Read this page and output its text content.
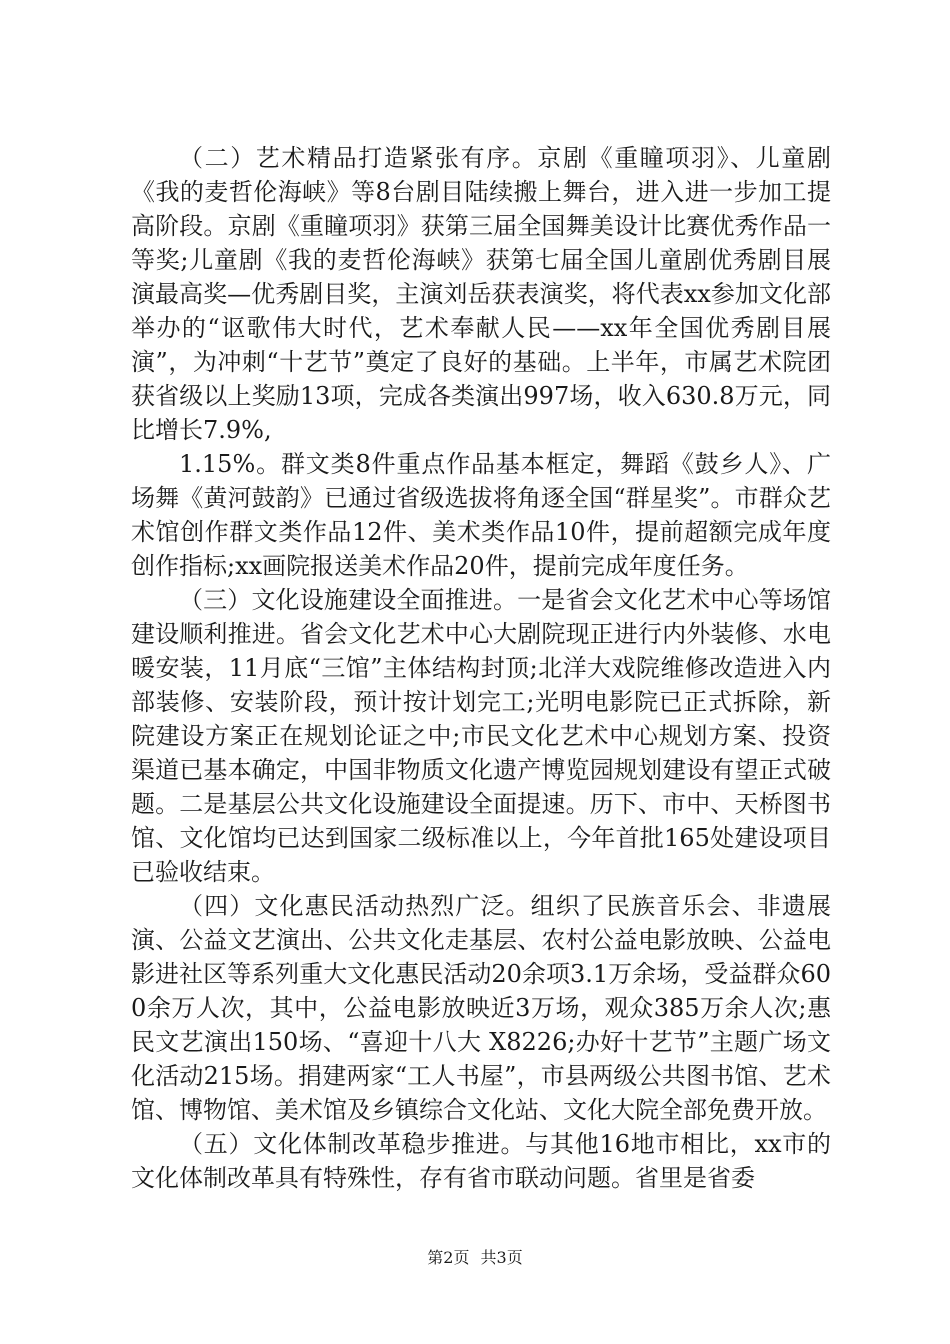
（二）艺术精品打造紧张有序。京剧《重瞳项羽》、儿童剧《我的麦哲伦海峡》等8台剧目陆续搬上舞台，进入进一步加工提高阶段。京剧《重瞳项羽》获第三届全国舞美设计比赛优秀作品一等奖;儿童剧《我的麦哲伦海峡》获第七届全国儿童剧优秀剧目展演最高奖—优秀剧目奖，主演刘岳获表演奖，将代表xx参加文化部举办的“讴歌伟大时代，艺术奉献人民——xx年全国优秀剧目展演”，为冲刺“十艺节”奠定了良好的基础。上半年，市属艺术院团获省级以上奖励13项，完成各类演出997场，收入630.8万元，同比增长7.9%,

1.15%。群文类8件重点作品基本框定，舞蹈《鼓乡人》、广场舞《黄河鼓韵》已通过省级选拔将角逐全国“群星奖”。市群众艺术馆创作群文类作品12件、美术类作品10件，提前超额完成年度创作指标;xx画院报送美术作品20件，提前完成年度任务。

（三）文化设施建设全面推进。一是省会文化艺术中心等场馆建设顺利推进。省会文化艺术中心大剧院现正进行内外装修、水电暖安装，11月底“三馆”主体结构封顶;北洋大戏院维修改造进入内部装修、安装阶段，预计按计划完工;光明电影院已正式拆除，新院建设方案正在规划论证之中;市民文化艺术中心规划方案、投资渠道已基本确定，中国非物质文化遗产博览园规划建设有望正式破题。二是基层公共文化设施建设全面提速。历下、市中、天桥图书馆、文化馆均已达到国家二级标准以上，今年首批165处建设项目已验收结束。

（四）文化惠民活动热烈广泛。组织了民族音乐会、非遗展演、公益文艺演出、公共文化走基层、农村公益电影放映、公益电影进社区等系列重大文化惠民活动20余项3.1万余场，受益群众600余万人次，其中，公益电影放映近3万场，观众385万余人次;惠民文艺演出150场、“喜迎十八大 X8226;办好十艺节”主题广场文化活动215场。捐建两家“工人书屋”，市县两级公共图书馆、艺术馆、博物馆、美术馆及乡镇综合文化站、文化大院全部免费开放。

（五）文化体制改革稳步推进。与其他16地市相比，xx市的文化体制改革具有特殊性，存有省市联动问题。省里是省委

第2页 共3页
